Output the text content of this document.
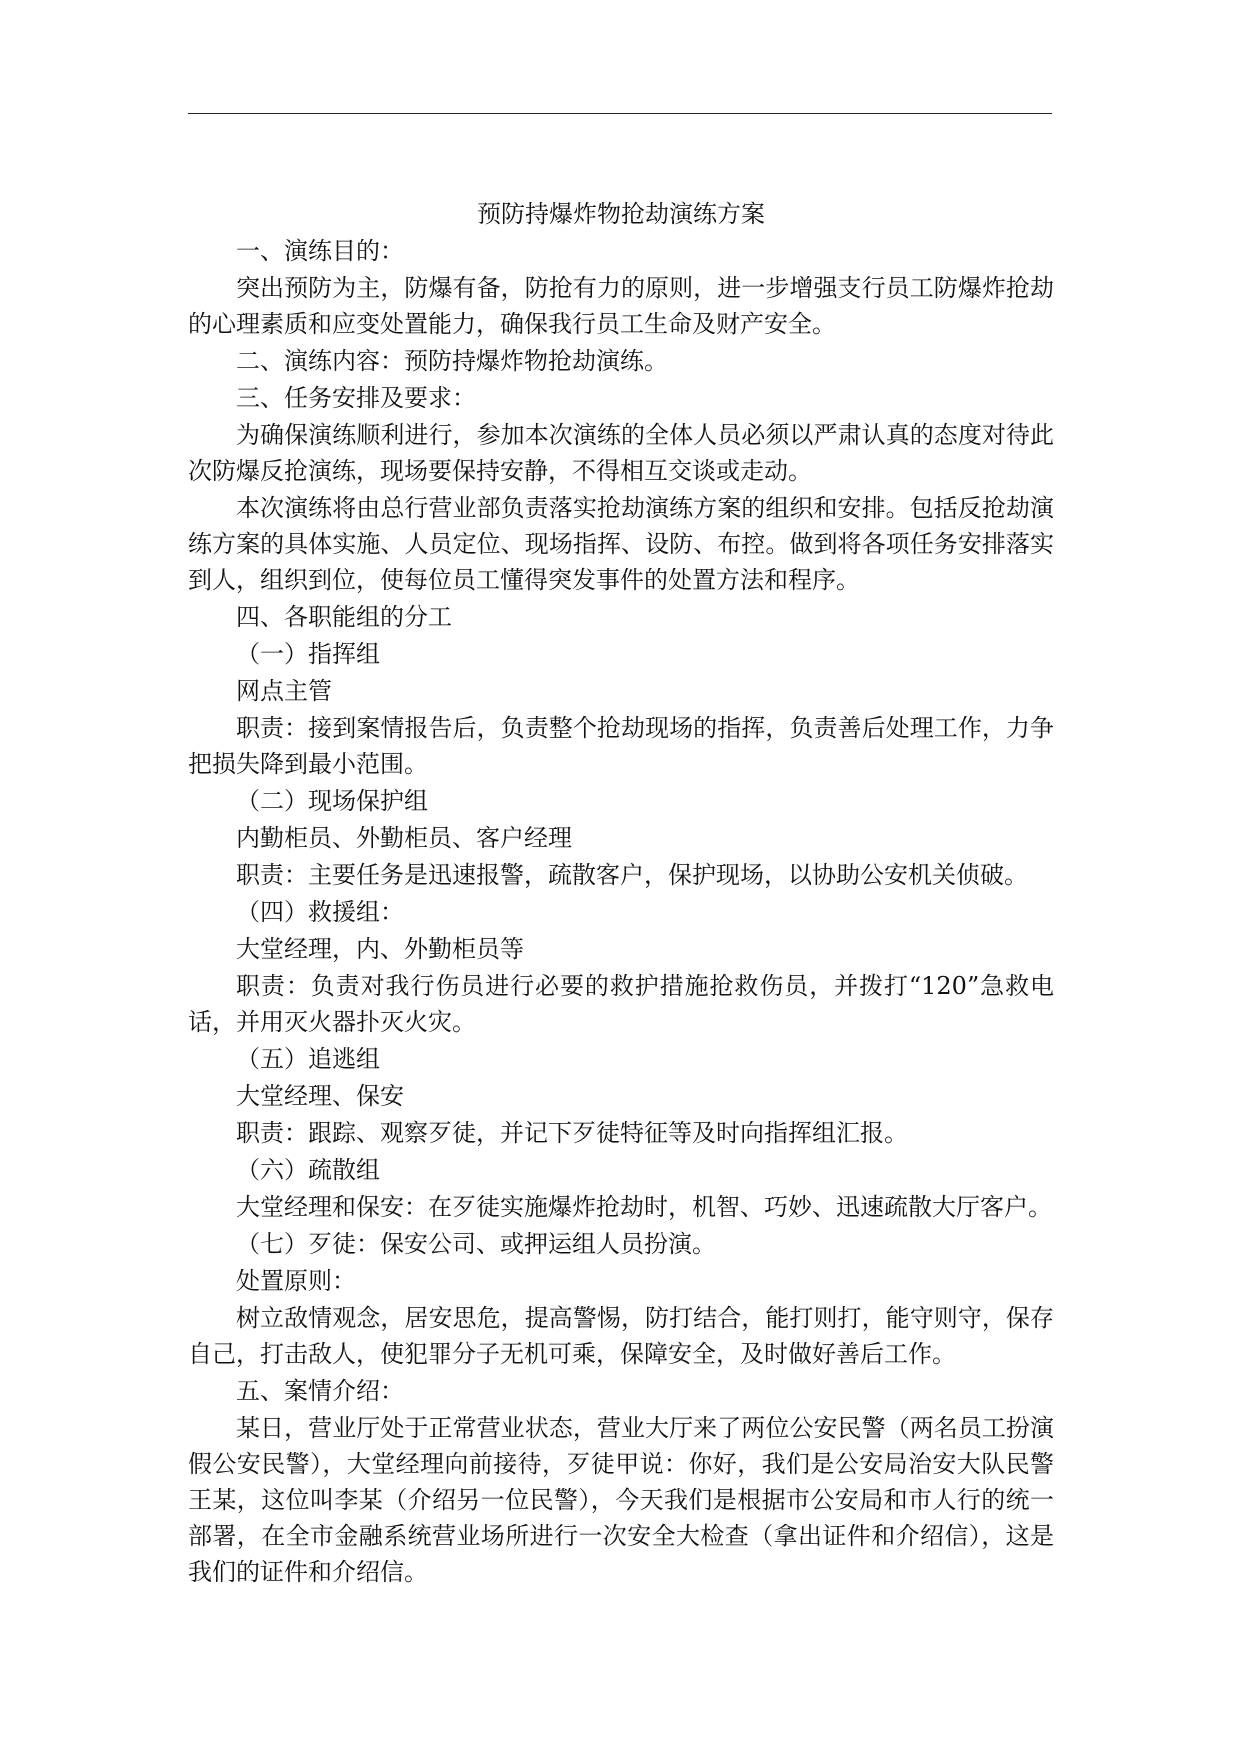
预防持爆炸物抢劫演练方案
一、演练目的：
突出预防为主，防爆有备，防抢有力的原则，进一步增强支行员工防爆炸抢劫的心理素质和应变处置能力，确保我行员工生命及财产安全。
二、演练内容：预防持爆炸物抢劫演练。
三、任务安排及要求：
为确保演练顺利进行，参加本次演练的全体人员必须以严肃认真的态度对待此次防爆反抢演练，现场要保持安静，不得相互交谈或走动。
本次演练将由总行营业部负责落实抢劫演练方案的组织和安排。包括反抢劫演练方案的具体实施、人员定位、现场指挥、设防、布控。做到将各项任务安排落实到人，组织到位，使每位员工懂得突发事件的处置方法和程序。
四、各职能组的分工
（一）指挥组
网点主管
职责：接到案情报告后，负责整个抢劫现场的指挥，负责善后处理工作，力争把损失降到最小范围。
（二）现场保护组
内勤柜员、外勤柜员、客户经理
职责：主要任务是迅速报警，疏散客户，保护现场，以协助公安机关侦破。
（四）救援组：
大堂经理，内、外勤柜员等
职责：负责对我行伤员进行必要的救护措施抢救伤员，并拨打“120”急救电话，并用灭火器扑灭火灾。
（五）追逃组
大堂经理、保安
职责：跟踪、观察歹徒，并记下歹徒特征等及时向指挥组汇报。
（六）疏散组
大堂经理和保安：在歹徒实施爆炸抢劫时，机智、巧妙、迅速疏散大厅客户。
（七）歹徒：保安公司、或押运组人员扮演。
处置原则：
树立敌情观念，居安思危，提高警惕，防打结合，能打则打，能守则守，保存自己，打击敌人，使犯罪分子无机可乘，保障安全，及时做好善后工作。
五、案情介绍：
某日，营业厅处于正常营业状态，营业大厅来了两位公安民警（两名员工扮演假公安民警），大堂经理向前接待，歹徒甲说：你好，我们是公安局治安大队民警王某，这位叫李某（介绍另一位民警），今天我们是根据市公安局和市人行的统一部署，在全市金融系统营业场所进行一次安全大检查（拿出证件和介绍信），这是我们的证件和介绍信。
